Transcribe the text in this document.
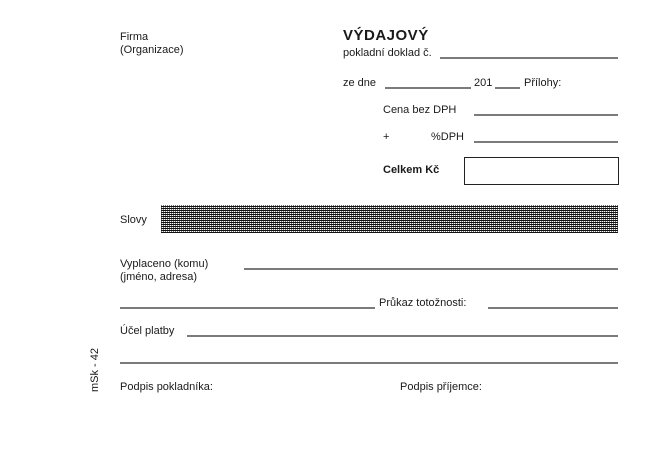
Firma
(Organizace)
VÝDAJOVÝ
pokladní doklad č.
ze dne	201	Přílohy:
Cena bez DPH
+	%DPH
Celkem Kč
Slovy
Vyplaceno (komu)
(jméno, adresa)
Průkaz totožnosti:
Účel platby
Podpis pokladníka:	Podpis příjemce:
mSk - 42
